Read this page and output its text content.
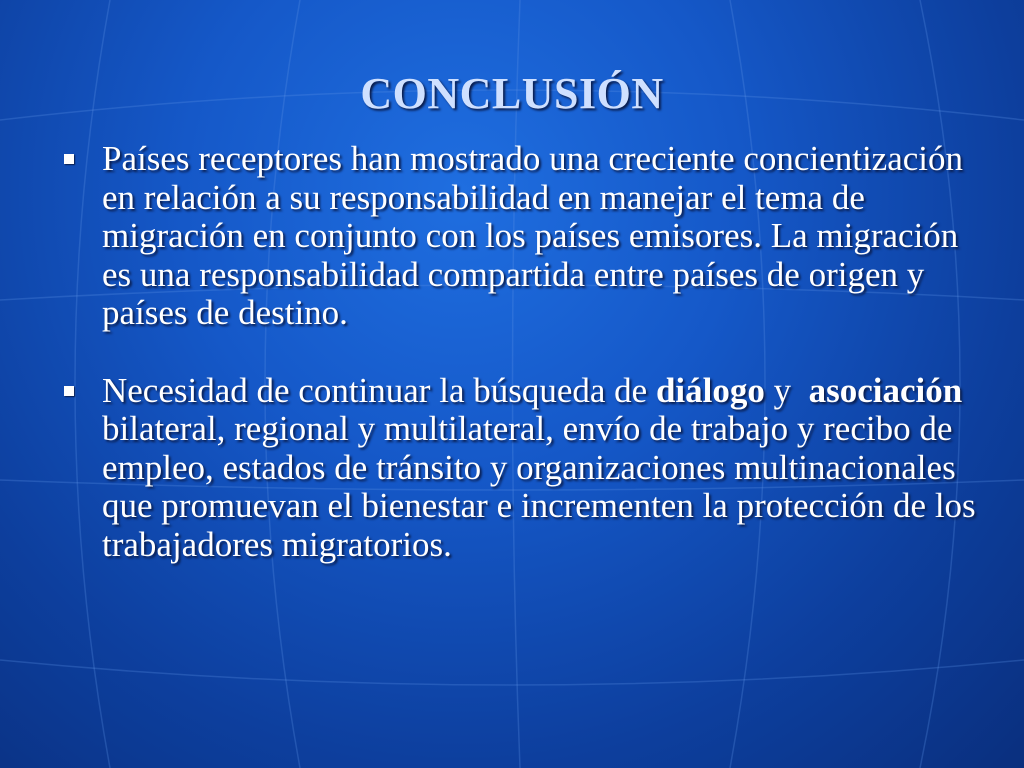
CONCLUSIÓN
Países receptores han mostrado una creciente concientización en relación a su responsabilidad en manejar el tema de migración en conjunto con los países emisores. La migración es una responsabilidad compartida entre países de origen y países de destino.
Necesidad de continuar la búsqueda de diálogo y  asociación bilateral, regional y multilateral, envío de trabajo y recibo de empleo, estados de tránsito y organizaciones multinacionales que promuevan el bienestar e incrementen la protección de los trabajadores migratorios.
